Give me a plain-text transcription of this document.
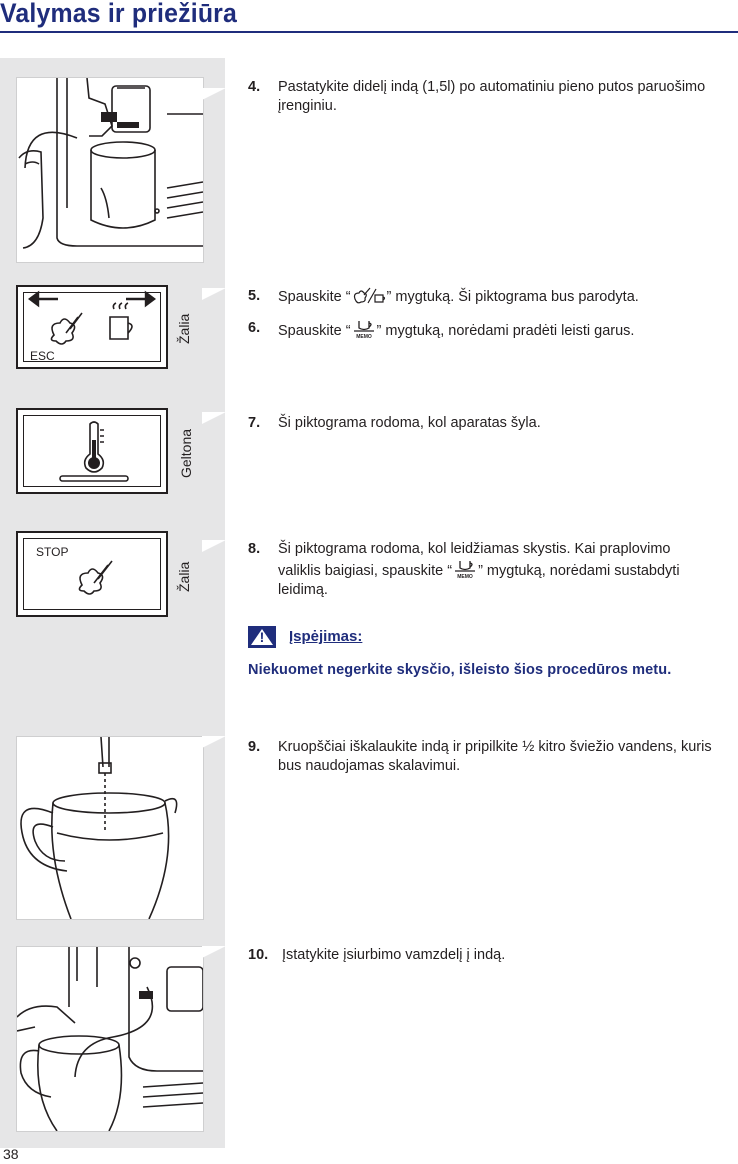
Valymas ir priežiūra
ESC
Žalia
Geltona
STOP
Žalia
4. Pastatykite didelį indą (1,5l) po automatiniu pieno putos paruošimo įrenginiu.
5. Spauskite “ ” mygtuką. Ši piktograma bus parodyta.
6. Spauskite “ MEMO ” mygtuką, norėdami pradėti leisti garus.
7. Ši piktograma rodoma, kol aparatas šyla.
8. Ši piktograma rodoma, kol leidžiamas skystis. Kai praplovimo
valiklis baigiasi, spauskite “ MEMO ” mygtuką, norėdami sustabdyti
leidimą.
!	Įspėjimas:
Niekuomet negerkite skysčio, išleisto šios procedūros metu.
9. Kruopščiai iškalaukite indą ir pripilkite ½ kitro šviežio vandens, kuris bus naudojamas skalavimui.
10. Įstatykite įsiurbimo vamzdelį į indą.
38
